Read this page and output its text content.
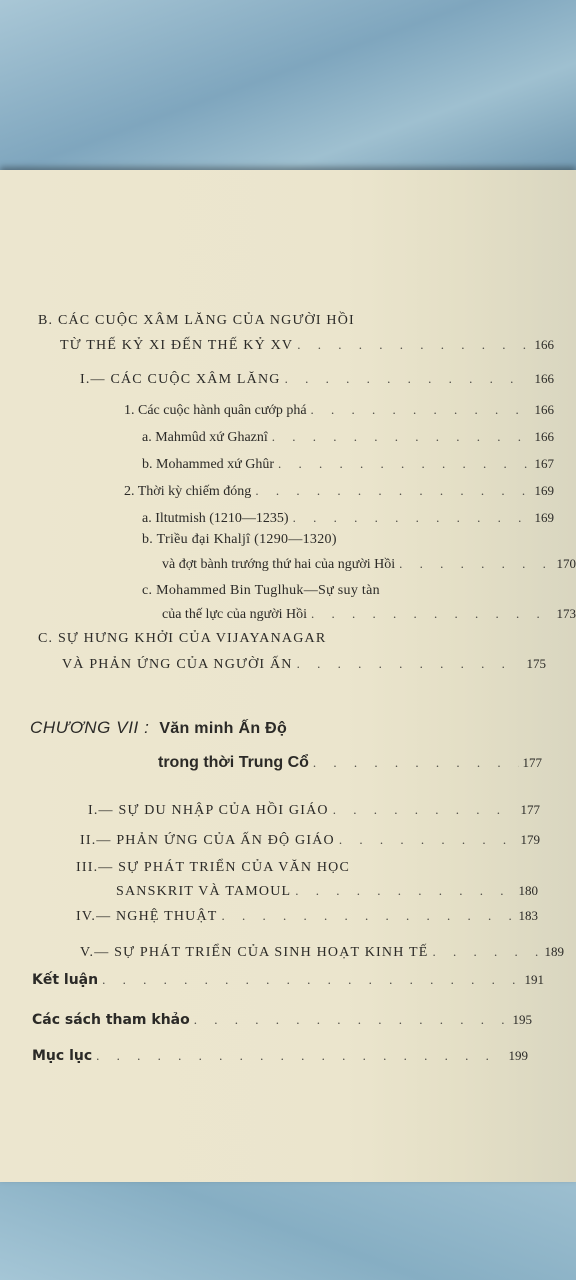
B. CÁC CUỘC XÂM LĂNG CỦA NGƯỜI HỒI
TỪ THẾ KỶ XI ĐẾN THẾ KỶ XV . . .	166
I.— CÁC CUỘC XÂM LĂNG . . .	166
1. Các cuộc hành quân cướp phá . . .	166
a. Mahmûd xứ Ghaznî . . .	166
b. Mohammed xứ Ghûr . . .	167
2. Thời kỳ chiếm đóng . . .	169
a. Iltutmish (1210—1235) . . .	169
b. Triều đại Khaljî (1290—1320)
và đợt bành trướng thứ hai của người Hồi . . .	170
c. Mohammed Bin Tuglhuk—Sự suy tàn
của thế lực của người Hồi . . .	173
C. SỰ HƯNG KHỞI CỦA VIJAYANAGAR
VÀ PHẢN ỨNG CỦA NGƯỜI ẤN . . .	175
CHƯƠNG VII : Văn minh Ấn Độ
trong thời Trung Cổ . . .	177
I.— SỰ DU NHẬP CỦA HỒI GIÁO . . .	177
II.— PHẢN ỨNG CỦA ẤN ĐỘ GIÁO . . .	179
III.— SỰ PHÁT TRIỂN CỦA VĂN HỌC
SANSKRIT VÀ TAMOUL . . .	180
IV.— NGHỆ THUẬT . . .	183
V.— SỰ PHÁT TRIỂN CỦA SINH HOẠT KINH TẾ . . .	189
Kết luận . . .	191
Các sách tham khảo . . .	195
Mục lục . . .	199
